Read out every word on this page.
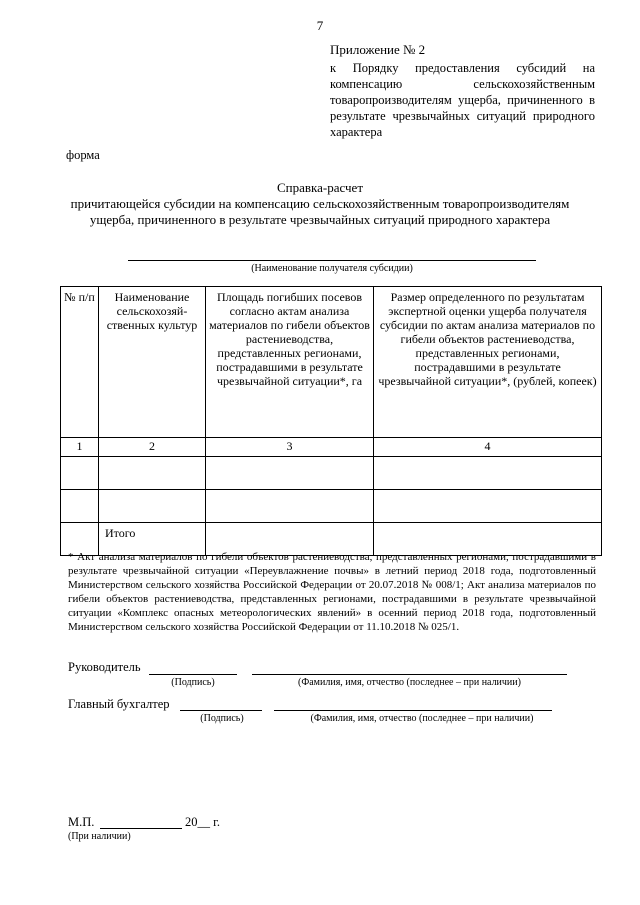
7
Приложение № 2
к Порядку предоставления субсидий на компенсацию сельскохозяйственным товаропроизводителям ущерба, причиненного в результате чрезвычайных ситуаций природного характера
форма
Справка-расчет
причитающейся субсидии на компенсацию сельскохозяйственным товаропроизводителям ущерба, причиненного в результате чрезвычайных ситуаций природного характера
(Наименование получателя субсидии)
№ п/п	Наименование сельскохозяй-ственных культур	Площадь погибших посевов согласно актам анализа материалов по гибели объектов растениеводства, представленных регионами, пострадавшими в результате чрезвычайной ситуации*, га	Размер определенного по результатам экспертной оценки ущерба получателя субсидии по актам анализа материалов по гибели объектов растениеводства, представленных регионами, пострадавшими в результате чрезвычайной ситуации*, (рублей, копеек)
1	2	3	4

	Итого		
* Акт анализа материалов по гибели объектов растениеводства, представленных регионами, пострадавшими в результате чрезвычайной ситуации «Переувлажнение почвы» в летний период 2018 года, подготовленный Министерством сельского хозяйства Российской Федерации от 20.07.2018 № 008/1; Акт анализа материалов по гибели объектов растениеводства, представленных регионами, пострадавшими в результате чрезвычайной ситуации «Комплекс опасных метеорологических явлений» в осенний период 2018 года, подготовленный Министерством сельского хозяйства Российской Федерации от 11.10.2018 № 025/1.
Руководитель
(Подпись)	(Фамилия, имя, отчество (последнее – при наличии)
Главный бухгалтер
(Подпись)	(Фамилия, имя, отчество (последнее – при наличии)
М.П.	20__ г.
(При наличии)
